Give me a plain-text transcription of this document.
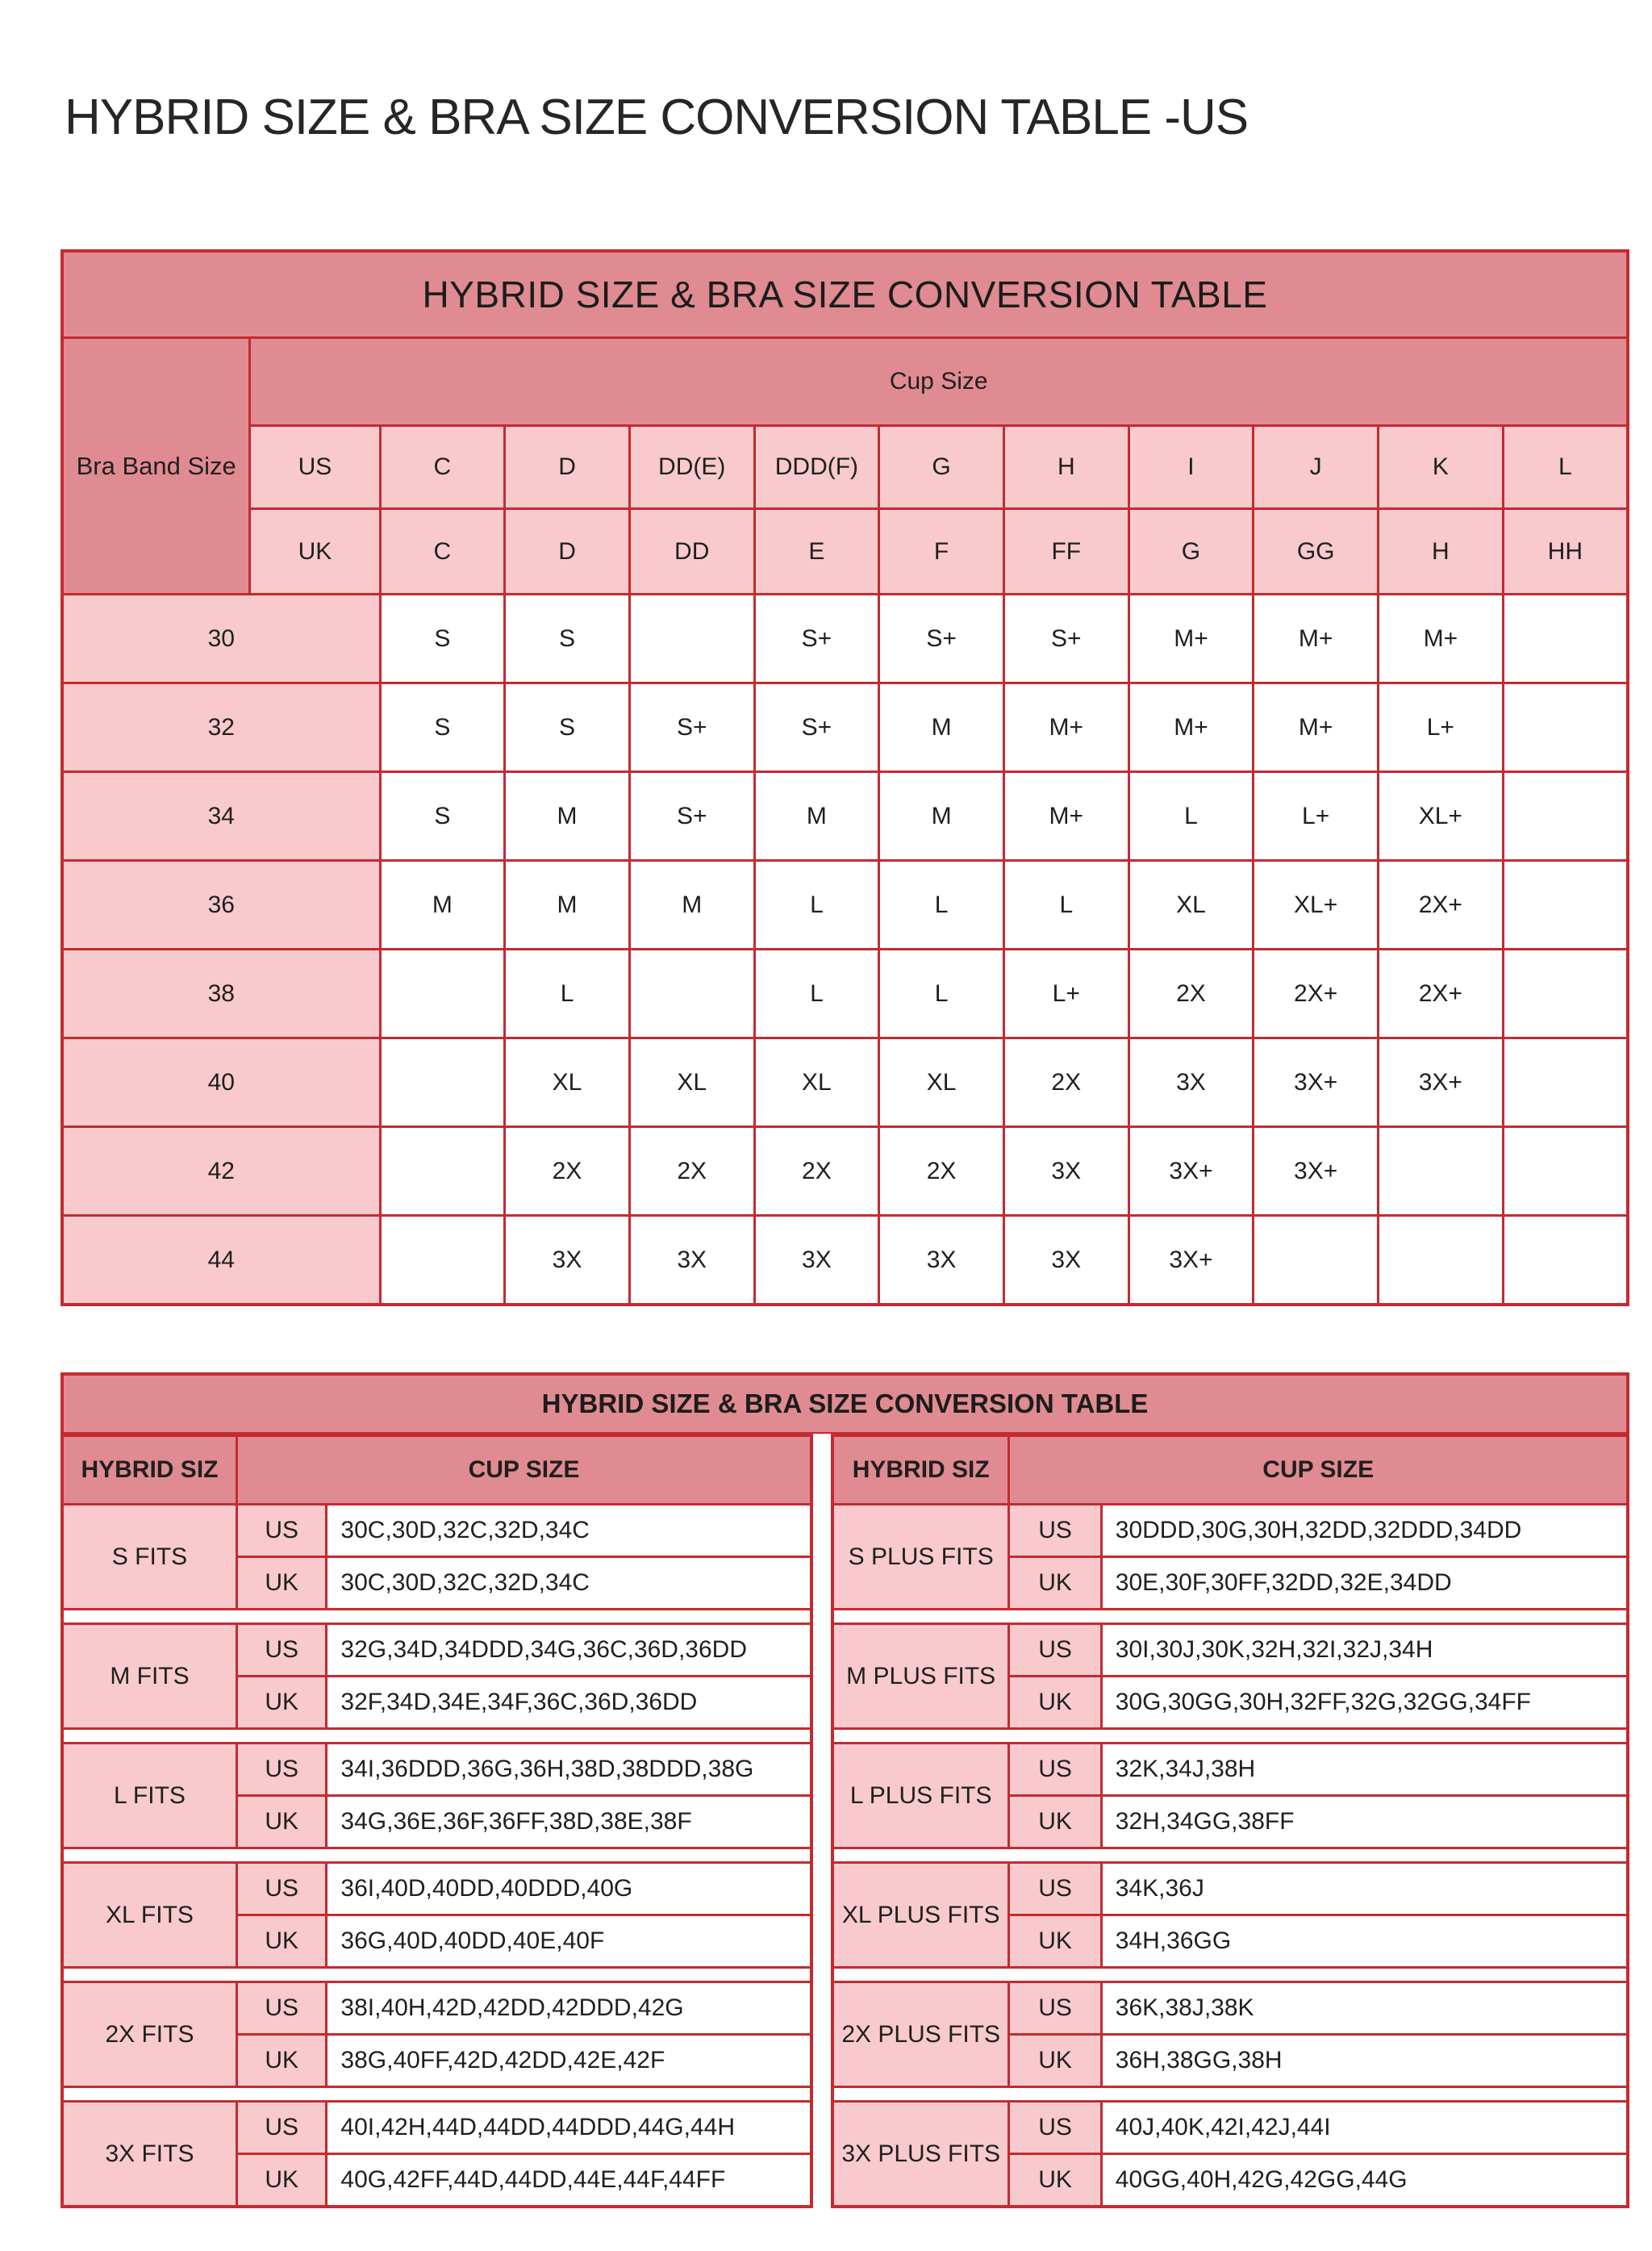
HYBRID SIZE & BRA SIZE CONVERSION TABLE -US
HYBRID SIZE & BRA SIZE CONVERSION TABLE											
Bra Band Size	Cup Size										
	US	C	D	DD(E)	DDD(F)	G	H	I	J	K	L
	UK	C	D	DD	E	F	FF	G	GG	H	HH
30		S	S		S+	S+	S+	M+	M+	M+	
32		S	S	S+	S+	M	M+	M+	M+	L+	
34		S	M	S+	M	M	M+	L	L+	XL+	
36		M	M	M	L	L	L	XL	XL+	2X+	
38			L		L	L	L+	2X	2X+	2X+	
40			XL	XL	XL	XL	2X	3X	3X+	3X+	
42			2X	2X	2X	2X	3X	3X+	3X+		
44			3X	3X	3X	3X	3X	3X+			
HYBRID SIZE & BRA SIZE CONVERSION TABLE
HYBRID SIZ	CUP SIZE	
S FITS	US	30C,30D,32C,32D,34C
	UK	30C,30D,32C,32D,34C

M FITS	US	32G,34D,34DDD,34G,36C,36D,36DD
	UK	32F,34D,34E,34F,36C,36D,36DD

L FITS	US	34I,36DDD,36G,36H,38D,38DDD,38G
	UK	34G,36E,36F,36FF,38D,38E,38F

XL FITS	US	36I,40D,40DD,40DDD,40G
	UK	36G,40D,40DD,40E,40F

2X FITS	US	38I,40H,42D,42DD,42DDD,42G
	UK	38G,40FF,42D,42DD,42E,42F

3X FITS	US	40I,42H,44D,44DD,44DDD,44G,44H
	UK	40G,42FF,44D,44DD,44E,44F,44FF
HYBRID SIZ	CUP SIZE	
S PLUS FITS	US	30DDD,30G,30H,32DD,32DDD,34DD
	UK	30E,30F,30FF,32DD,32E,34DD

M PLUS FITS	US	30I,30J,30K,32H,32I,32J,34H
	UK	30G,30GG,30H,32FF,32G,32GG,34FF

L PLUS FITS	US	32K,34J,38H
	UK	32H,34GG,38FF

XL PLUS FITS	US	34K,36J
	UK	34H,36GG

2X PLUS FITS	US	36K,38J,38K
	UK	36H,38GG,38H

3X PLUS FITS	US	40J,40K,42I,42J,44I
	UK	40GG,40H,42G,42GG,44G
